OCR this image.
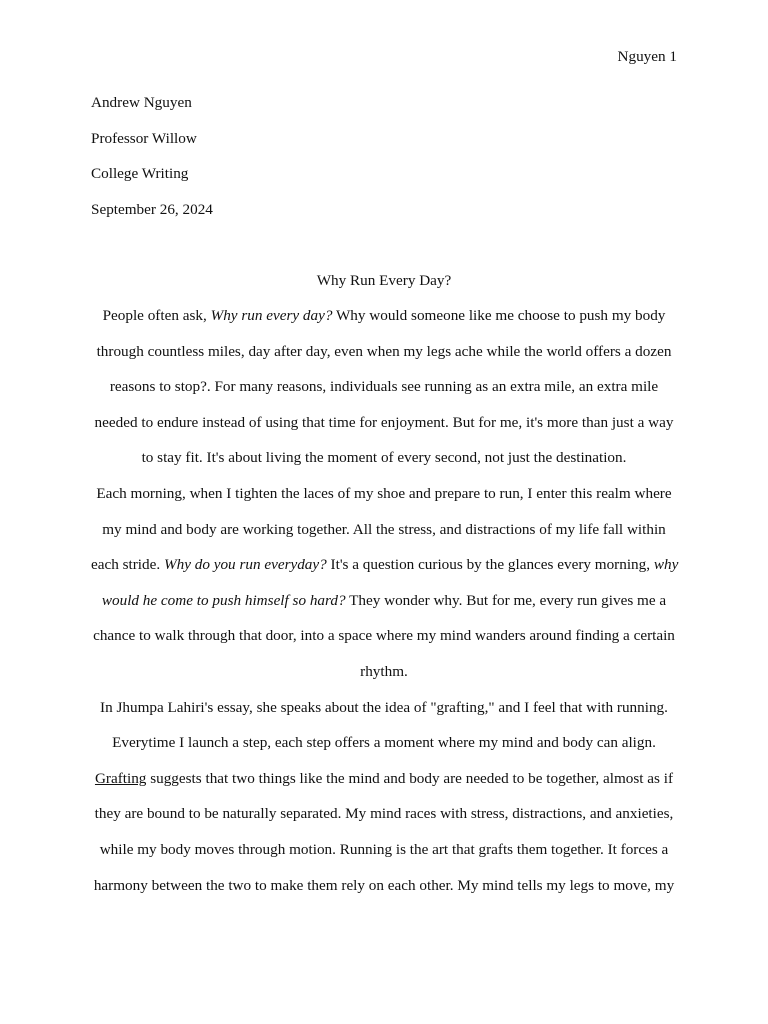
Nguyen 1
Andrew Nguyen
Professor Willow
College Writing
September 26, 2024
Why Run Every Day?
People often ask, Why run every day? Why would someone like me choose to push my body
through countless miles, day after day, even when my legs ache while the world offers a dozen
reasons to stop?. For many reasons, individuals see running as an extra mile, an extra mile
needed to endure instead of using that time for enjoyment. But for me, it's more than just a way
to stay fit. It's about living the moment of every second, not just the destination.
Each morning, when I tighten the laces of my shoe and prepare to run, I enter this realm where
my mind and body are working together. All the stress, and distractions of my life fall within
each stride. Why do you run everyday? It's a question curious by the glances every morning, why
would he come to push himself so hard? They wonder why. But for me, every run gives me a
chance to walk through that door, into a space where my mind wanders around finding a certain
rhythm.
In Jhumpa Lahiri's essay, she speaks about the idea of "grafting," and I feel that with running.
Everytime I launch a step, each step offers a moment where my mind and body can align.
Grafting suggests that two things like the mind and body are needed to be together, almost as if
they are bound to be naturally separated. My mind races with stress, distractions, and anxieties,
while my body moves through motion. Running is the art that grafts them together. It forces a
harmony between the two to make them rely on each other. My mind tells my legs to move, my
